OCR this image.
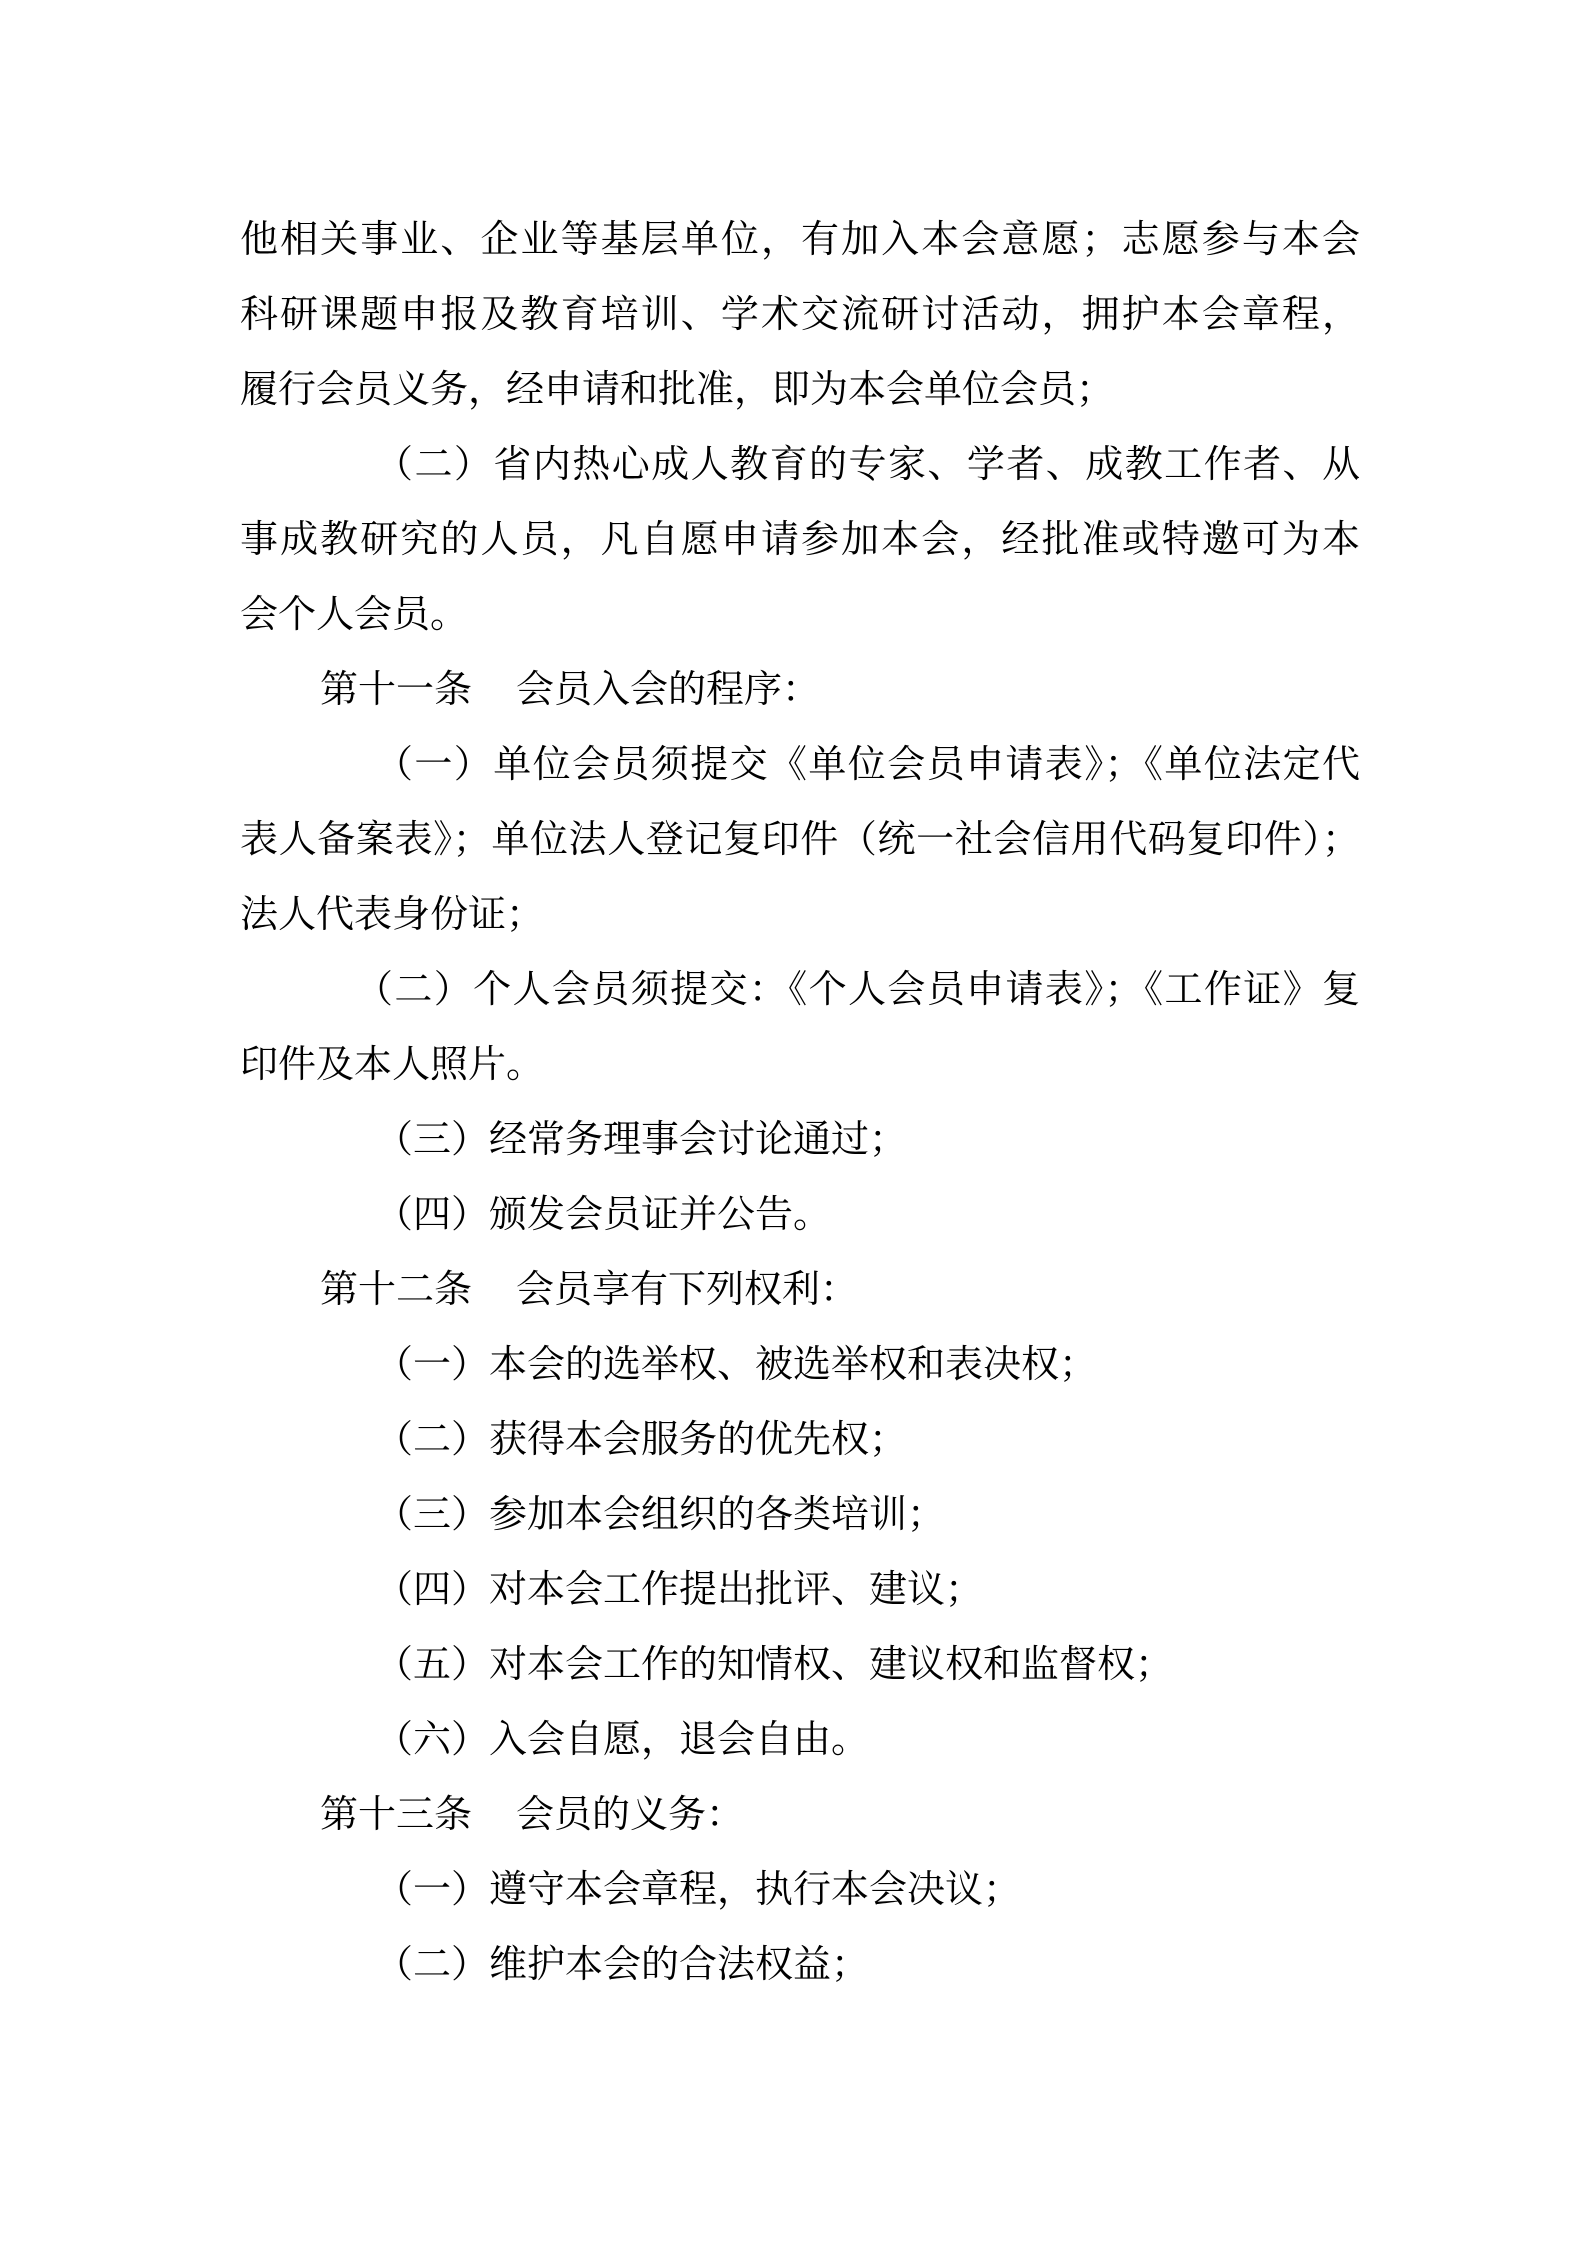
他相关事业、企业等基层单位，有加入本会意愿；志愿参与本会
科研课题申报及教育培训、学术交流研讨活动，拥护本会章程，
履行会员义务，经申请和批准，即为本会单位会员；
（二）省内热心成人教育的专家、学者、成教工作者、从
事成教研究的人员，凡自愿申请参加本会，经批准或特邀可为本
会个人会员。
第十一条 会员入会的程序：
（一）单位会员须提交《单位会员申请表》；《单位法定代
表人备案表》；单位法人登记复印件（统一社会信用代码复印件）；
法人代表身份证；
（二）个人会员须提交：《个人会员申请表》；《工作证》复
印件及本人照片。
（三）经常务理事会讨论通过；
（四）颁发会员证并公告。
第十二条 会员享有下列权利：
（一）本会的选举权、被选举权和表决权；
（二）获得本会服务的优先权；
（三）参加本会组织的各类培训；
（四）对本会工作提出批评、建议；
（五）对本会工作的知情权、建议权和监督权；
（六）入会自愿，退会自由。
第十三条 会员的义务：
（一）遵守本会章程，执行本会决议；
（二）维护本会的合法权益；
